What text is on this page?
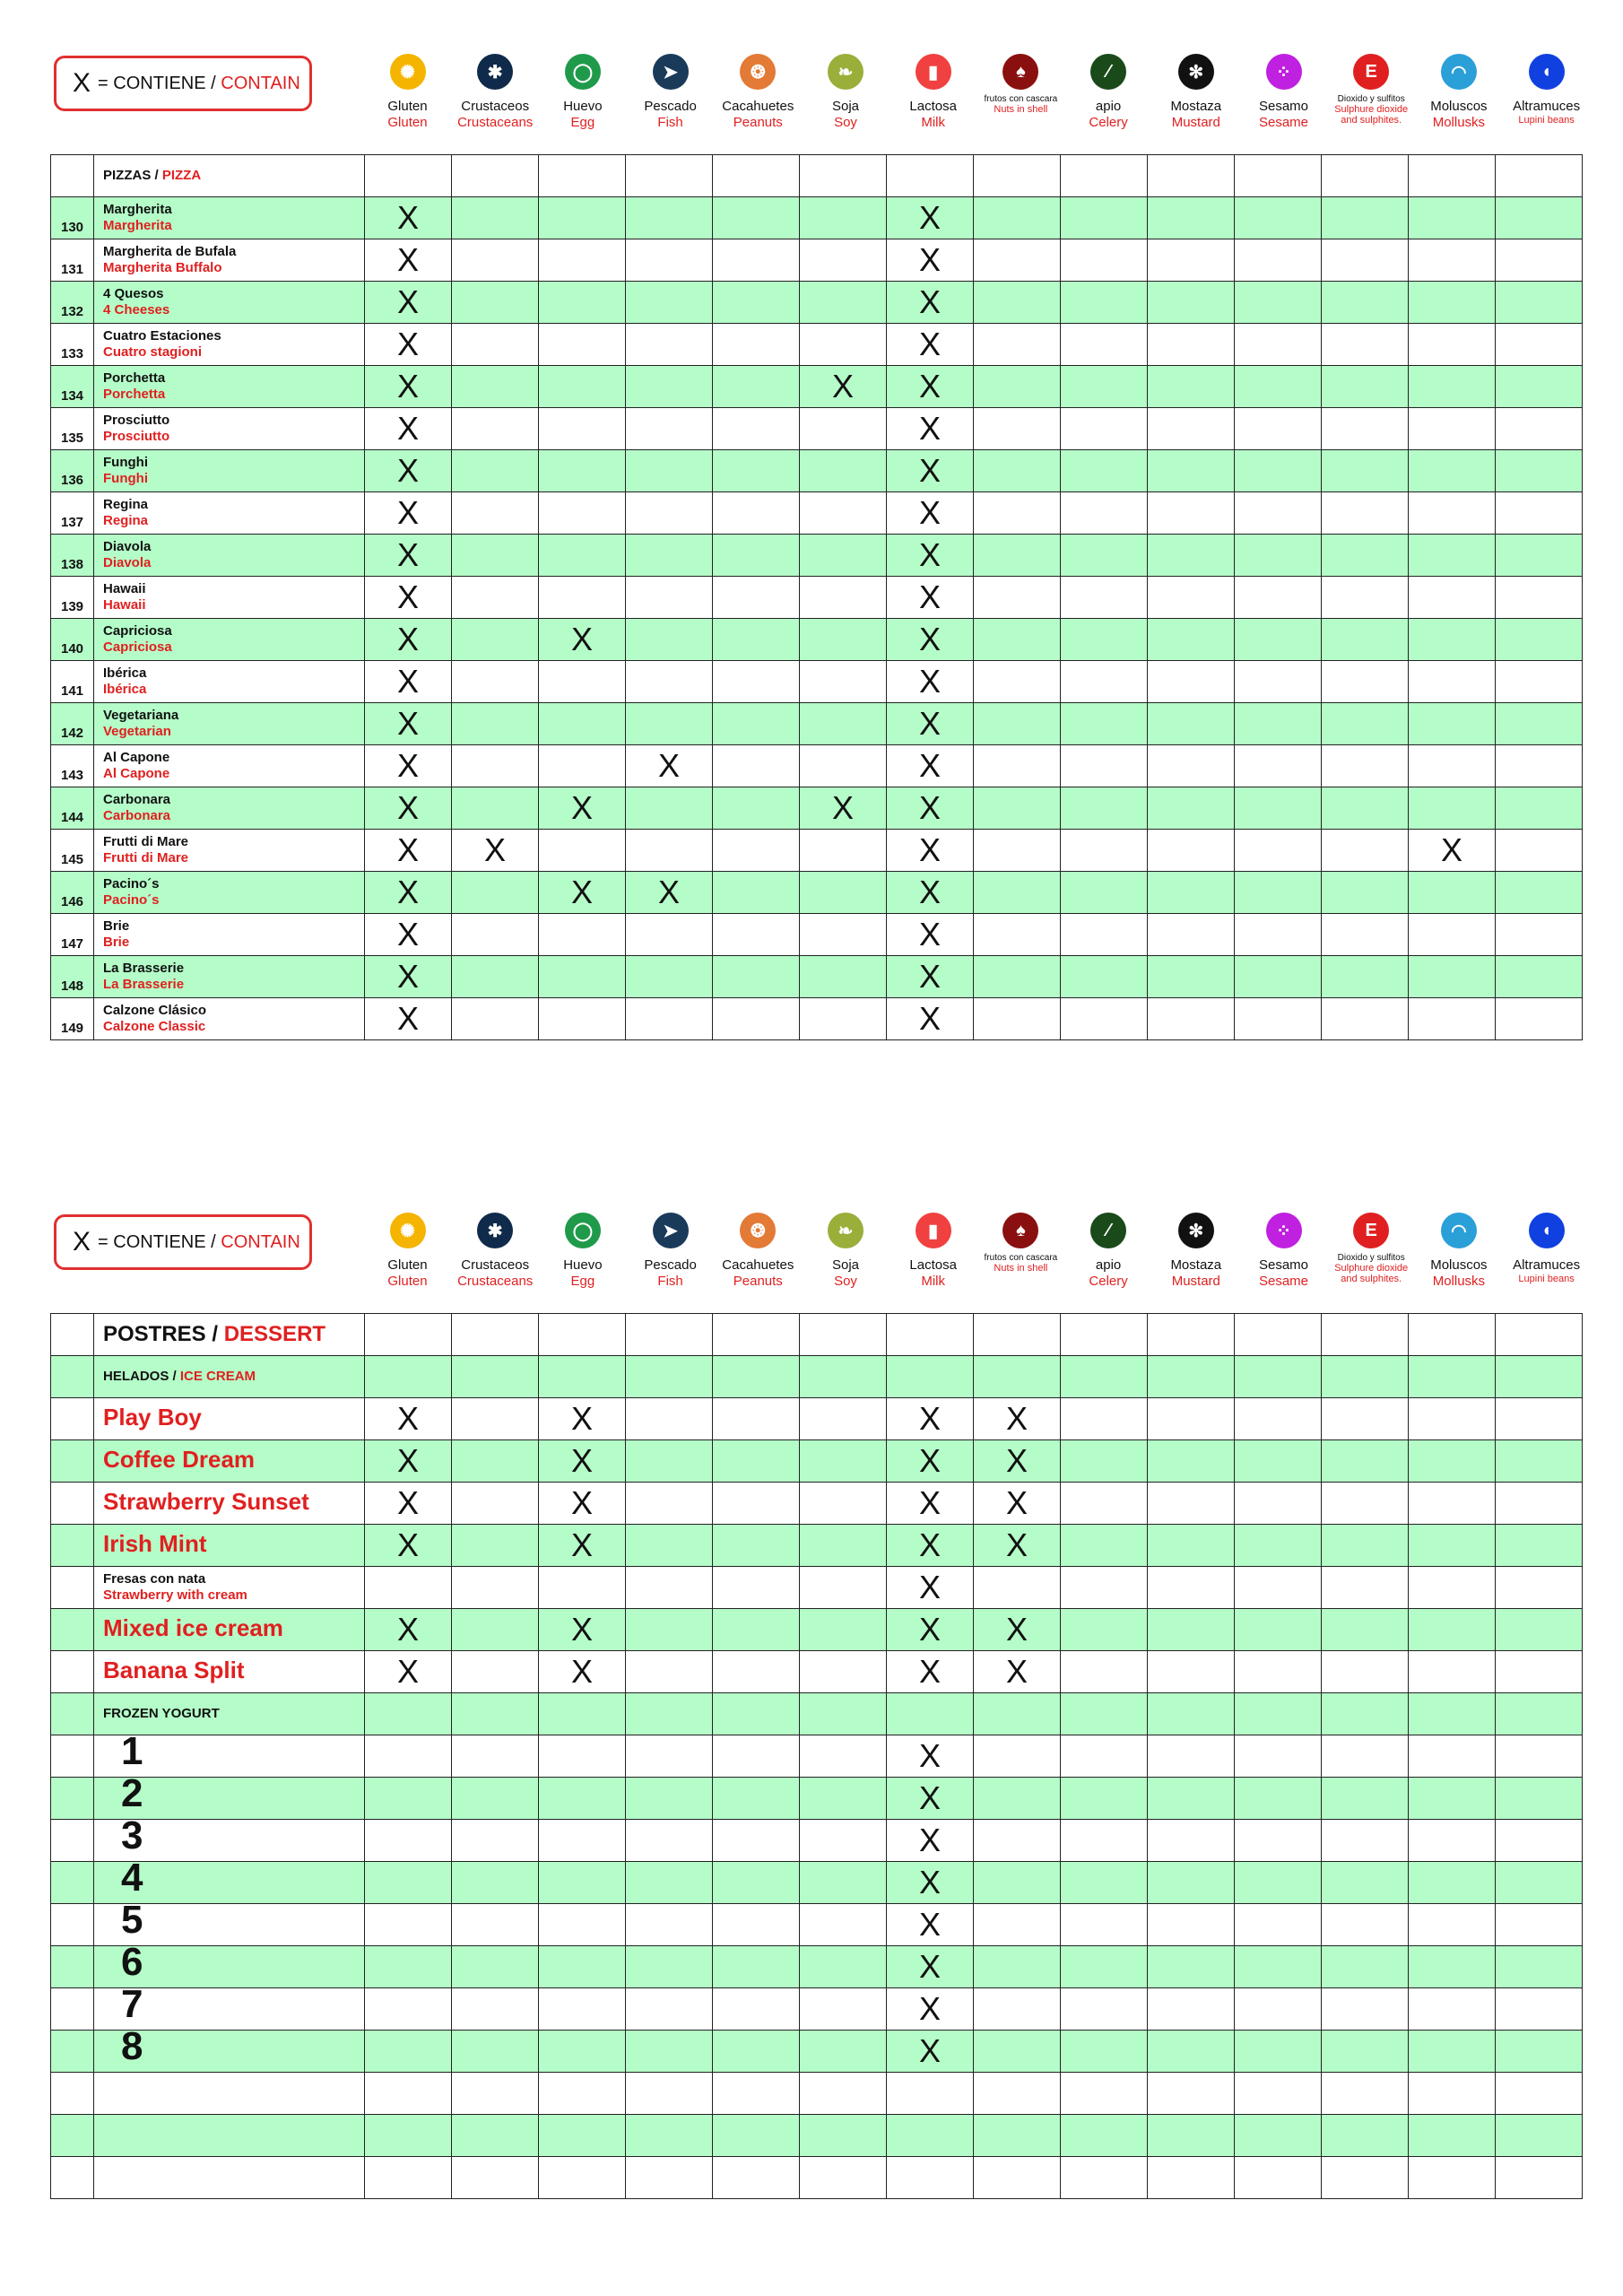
X = CONTIENE /
CONTAIN
✺
Gluten
Gluten
✱
Crustaceos
Crustaceans
◯
Huevo
Egg
➤
Pescado
Fish
❂
Cacahuetes
Peanuts
❧
Soja
Soy
▮
Lactosa
Milk
♠
frutos con cascara
Nuts in shell
⁄
apio
Celery
✻
Mostaza
Mustard
⁘
Sesamo
Sesame
E
Dioxido y sulfitos
Sulphure dioxide and sulphites.
◠
Moluscos
Mollusks
◖
Altramuces
Lupini beans
	PIZZAS / PIZZA														
130	Margherita
Margherita	X						X							
131	Margherita de Bufala
Margherita Buffalo	X						X							
132	4 Quesos
4 Cheeses	X						X							
133	Cuatro Estaciones
Cuatro stagioni	X						X							
134	Porchetta
Porchetta	X					X	X							
135	Prosciutto
Prosciutto	X						X							
136	Funghi
Funghi	X						X							
137	Regina
Regina	X						X							
138	Diavola
Diavola	X						X							
139	Hawaii
Hawaii	X						X							
140	Capriciosa
Capriciosa	X		X				X							
141	Ibérica
Ibérica	X						X							
142	Vegetariana
Vegetarian	X						X							
143	Al Capone
Al Capone	X			X			X							
144	Carbonara
Carbonara	X		X			X	X							
145	Frutti di Mare
Frutti di Mare	X	X					X						X	
146	Pacino´s
Pacino´s	X		X	X			X							
147	Brie
Brie	X						X							
148	La Brasserie
La Brasserie	X						X							
149	Calzone Clásico
Calzone Classic	X						X							
X = CONTIENE /
CONTAIN
✺
Gluten
Gluten
✱
Crustaceos
Crustaceans
◯
Huevo
Egg
➤
Pescado
Fish
❂
Cacahuetes
Peanuts
❧
Soja
Soy
▮
Lactosa
Milk
♠
frutos con cascara
Nuts in shell
⁄
apio
Celery
✻
Mostaza
Mustard
⁘
Sesamo
Sesame
E
Dioxido y sulfitos
Sulphure dioxide and sulphites.
◠
Moluscos
Mollusks
◖
Altramuces
Lupini beans
	POSTRES / DESSERT														
	HELADOS / ICE CREAM														
	Play Boy	X		X				X	X						
	Coffee Dream	X		X				X	X						
	Strawberry Sunset	X		X				X	X						
	Irish Mint	X		X				X	X						

	Fresas con nata
Strawberry with cream							X							
	Mixed ice cream	X		X				X	X						
	Banana Split	X		X				X	X						
	FROZEN YOGURT														
	1							X							
	2							X							
	3							X							
	4							X							
	5							X							
	6							X							
	7							X							
	8							X							
